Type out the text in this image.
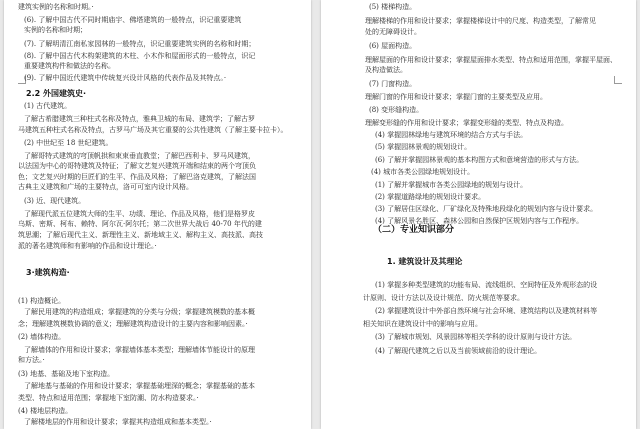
建筑实例的名称和时期。·
(6). 了解中国古代不同时期庙宇、佛塔建筑的一般特点，识记重要建筑
实例的名称和时期；
(7). 了解明清江南私家园林的一般特点，识记重要建筑实例的名称和时期；
(8). 了解中国古代木构架建筑的木柱、小木作和屋面形式的一般特点，识记
重要建筑构件和做法的名称。
(9). 了解中国近代建筑中传统复兴设计风格的代表作品及其特点。·
2.2 外国建筑史·
(1) 古代建筑。
了解古希腊建筑三种柱式名称及特点，雅典卫城的布局、建筑学；了解古罗
马建筑五种柱式名称及特点，古罗马广场及其它重要的公共性建筑（了解主要卡拉卡）。
(2) 中世纪至 18 世纪建筑。
了解哥特式建筑的穹顶帆拱和束束垂直教堂；了解巴西利卡、罗马风建筑，
以法国为中心的哥特建筑及特征；了解文艺复兴建筑开端和结束的两个穹顶负
色；文艺复兴时期的巨匠们的生平、作品及风格；了解巴洛克建筑，了解法国
古典主义建筑和广场的主要特点，洛可可室内设计风格。
(3) 近、现代建筑。
了解现代派五位建筑大师的生平、功绩、理论、作品及风格，他们是格罗皮
乌斯、密斯、柯布、赖特、阿尔瓦·阿尔托；第二次世界大战后 40-70 年代的建
筑思潮；了解后现代主义、新理性主义、新地域主义、解构主义、高技派、高技
派的著名建筑师和有影响的作品和设计理论。·
3·建筑构造·
(1) 构造概论。
了解民用建筑的构造组成；掌握建筑的分类与分级；掌握建筑模数的基本概
念；理解建筑模数协调的意义；理解建筑构造设计的主要内容和影响因素。·
(2) 墙体构造。
了解墙体的作用和设计要求；掌握墙体基本类型；理解墙体节能设计的原理
和方法。·
(3) 地基、基础及地下室构造。
了解地基与基础的作用和设计要求；掌握基础埋深的概念；掌握基础的基本
类型、特点和适用范围；掌握地下室防潮、防水构造要求。·
(4) 楼地层构造。
了解楼地层的作用和设计要求；掌握其构造组成和基本类型。·
(5) 楼梯构造。
理解楼梯的作用和设计要求；掌握楼梯设计中的尺度、构造类型，了解常见
处的无障碍设计。
(6) 屋面构造。
理解屋面的作用和设计要求；掌握屋面排水类型、特点和适用范围，掌握平屋面、
及构造做法。
(7) 门窗构造。
理解门窗的作用和设计要求；掌握门窗的主要类型及应用。
(8) 变形缝构造。
理解变形缝的作用和设计要求；掌握变形缝的类型、特点及构造。
(4) 掌握园林绿地与建筑环境的结合方式与手法。
(5) 掌握园林景观的规划设计。
(6) 了解并掌握园林景观的基本构图方式和意境营造的形式与方法。
(4) 城市各类公园绿地规划设计。
(1) 了解并掌握城市各类公园绿地的规划与设计。
(2) 掌握道路绿地的规划设计要求。
(3) 了解居住区绿化、厂矿绿化及特殊地段绿化的规划内容与设计要求。
(4) 了解风景名胜区、森林公园和自然保护区规划内容与工作程序。
（二）专业知识部分
1. 建筑设计及其理论
(1) 掌握多种类型建筑的功能布局、流线组织、空间特征及外观形态的设
计原则、设计方法以及设计规范、防火规范等要求。
(2) 掌握建筑设计中外部自然环境与社会环境、建筑结构以及建筑材料等
相关知识在建筑设计中的影响与应用。
(3) 了解城市规划、风景园林等相关学科的设计原则与设计方法。
(4) 了解现代建筑之后以及当前领域前沿的设计理论。
